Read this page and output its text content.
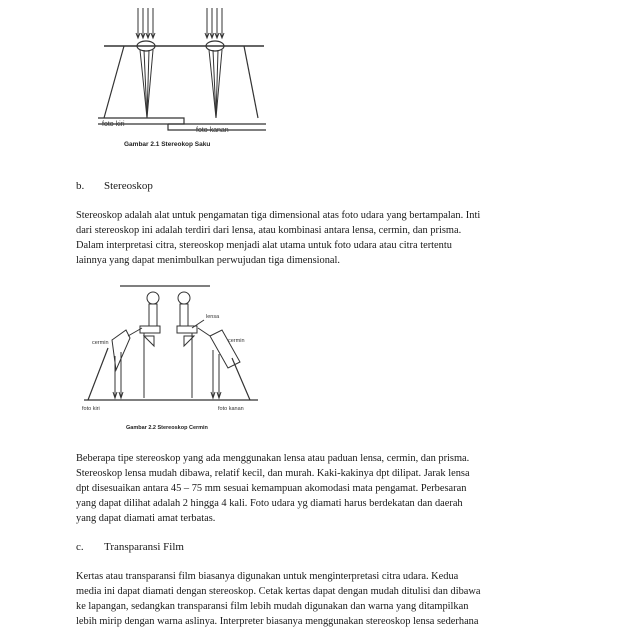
foto kiri
foto kanan
Gambar 2.1 Stereokop Saku
b. Stereoskop
Stereoskop adalah alat untuk pengamatan tiga dimensional atas foto udara yang bertampalan. Inti
dari stereoskop ini adalah terdiri dari lensa, atau kombinasi antara lensa, cermin, dan prisma.
Dalam interpretasi citra, stereoskop menjadi alat utama untuk foto udara atau citra tertentu
lainnya yang dapat menimbulkan perwujudan tiga dimensional.
lensa
cermin	cermin
foto kiri	foto kanan
Gambar 2.2 Stereoskop Cermin
Beberapa tipe stereoskop yang ada menggunakan lensa atau paduan lensa, cermin, dan prisma.
Stereoskop lensa mudah dibawa, relatif kecil, dan murah. Kaki-kakinya dpt dilipat. Jarak lensa
dpt disesuaikan antara 45 – 75 mm sesuai kemampuan akomodasi mata pengamat. Perbesaran
yang dapat dilihat adalah 2 hingga 4 kali. Foto udara yg diamati harus berdekatan dan daerah
yang dapat diamati amat terbatas.
c. Transparansi Film
Kertas atau transparansi film biasanya digunakan untuk menginterpretasi citra udara. Kedua
media ini dapat diamati dengan stereoskop. Cetak kertas dapat dengan mudah ditulisi dan dibawa
ke lapangan, sedangkan transparansi film lebih mudah digunakan dan warna yang ditampilkan
lebih mirip dengan warna aslinya. Interpreter biasanya menggunakan stereoskop lensa sederhana
